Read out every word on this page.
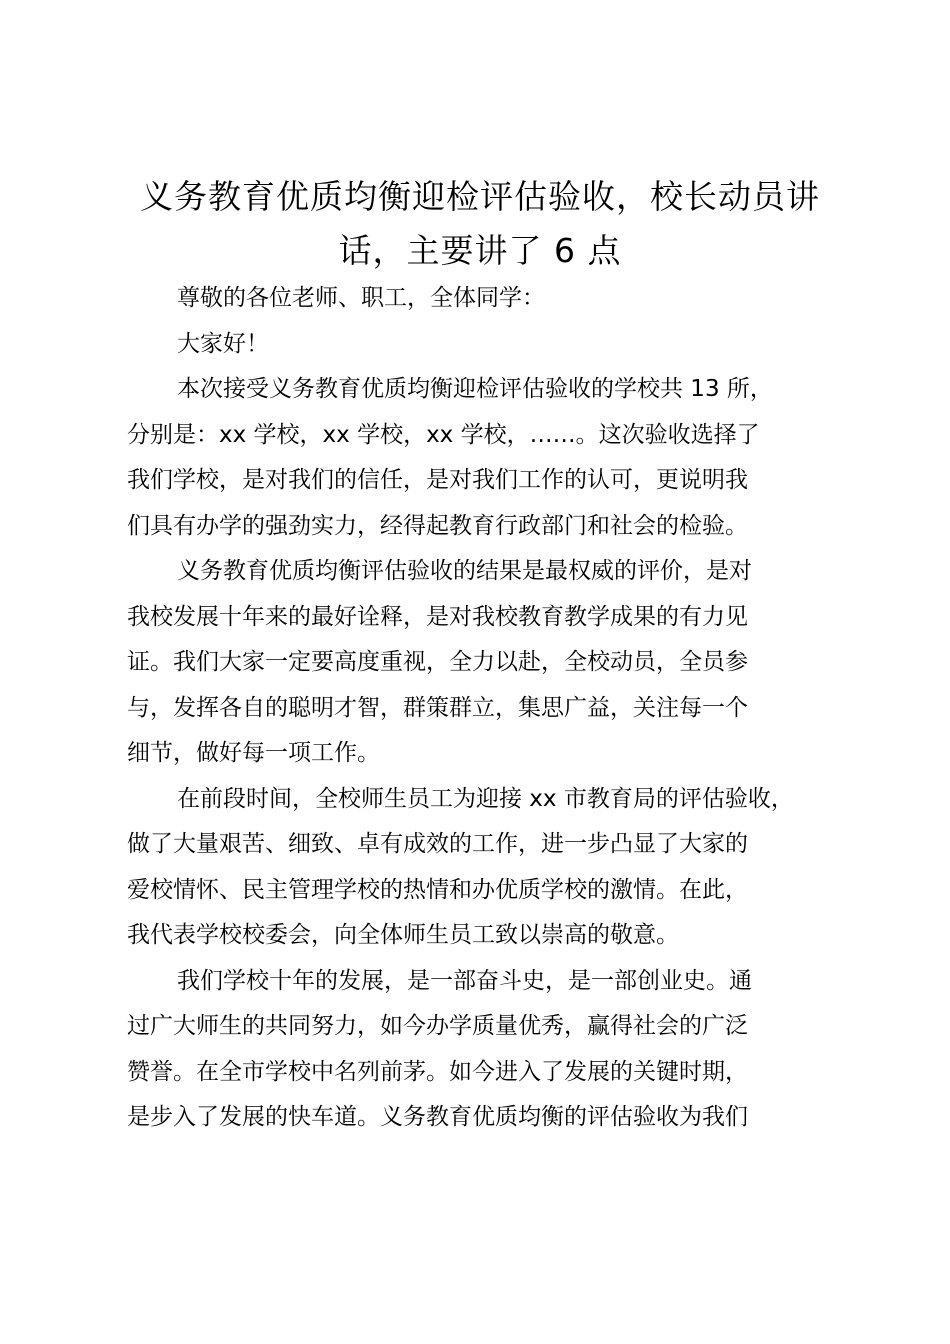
义务教育优质均衡迎检评估验收，校长动员讲
话，主要讲了 6 点
尊敬的各位老师、职工，全体同学：
大家好！
本次接受义务教育优质均衡迎检评估验收的学校共 13 所，
分别是：xx 学校，xx 学校，xx 学校，……。这次验收选择了
我们学校，是对我们的信任，是对我们工作的认可，更说明我
们具有办学的强劲实力，经得起教育行政部门和社会的检验。
义务教育优质均衡评估验收的结果是最权威的评价，是对
我校发展十年来的最好诠释，是对我校教育教学成果的有力见
证。我们大家一定要高度重视，全力以赴，全校动员，全员参
与，发挥各自的聪明才智，群策群立，集思广益，关注每一个
细节，做好每一项工作。
在前段时间，全校师生员工为迎接 xx 市教育局的评估验收，
做了大量艰苦、细致、卓有成效的工作，进一步凸显了大家的
爱校情怀、民主管理学校的热情和办优质学校的激情。在此，
我代表学校校委会，向全体师生员工致以崇高的敬意。
我们学校十年的发展，是一部奋斗史，是一部创业史。通
过广大师生的共同努力，如今办学质量优秀，赢得社会的广泛
赞誉。在全市学校中名列前茅。如今进入了发展的关键时期，
是步入了发展的快车道。义务教育优质均衡的评估验收为我们
